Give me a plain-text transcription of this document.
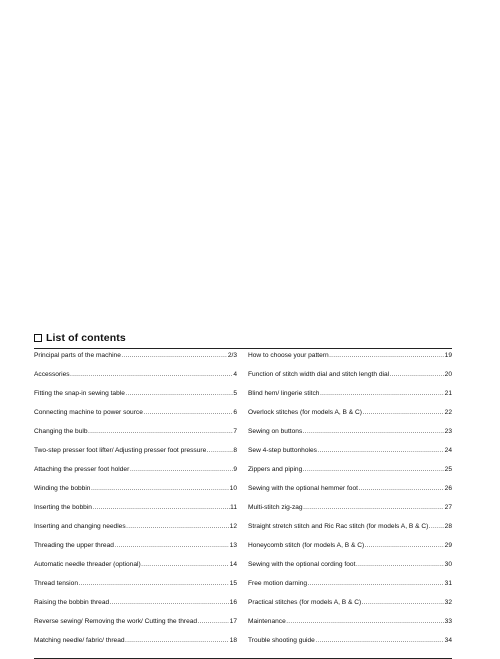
List of contents
Principal parts of the machine .....	2/3
Accessories .....	4
Fitting the snap-in sewing table .....	5
Connecting machine to power source .....	6
Changing the bulb .....	7
Two-step presser foot lifter/ Adjusting presser foot pressure .....	8
Attaching the presser foot holder .....	9
Winding the bobbin .....	10
Inserting the bobbin .....	11
Inserting and changing needles .....	12
Threading the upper thread .....	13
Automatic needle threader (optional) .....	14
Thread tension .....	15
Raising the bobbin thread .....	16
Reverse sewing/ Removing the work/ Cutting the thread .....	17
Matching needle/ fabric/ thread .....	18
How to choose your pattern .....	19
Function of stitch width dial and stitch length dial .....	20
Blind hem/ lingerie stitch .....	21
Overlock stitches (for models A, B & C) .....	22
Sewing on buttons .....	23
Sew 4-step buttonholes .....	24
Zippers and piping .....	25
Sewing with the optional hemmer foot .....	26
Multi-stitch zig-zag .....	27
Straight stretch stitch and Ric Rac stitch (for models A, B & C) ..... 28
Honeycomb stitch (for models A, B & C) .....	29
Sewing with the optional cording foot .....	30
Free motion darning .....	31
Practical stitches (for models A, B & C) .....	32
Maintenance .....	33
Trouble shooting guide .....	34
